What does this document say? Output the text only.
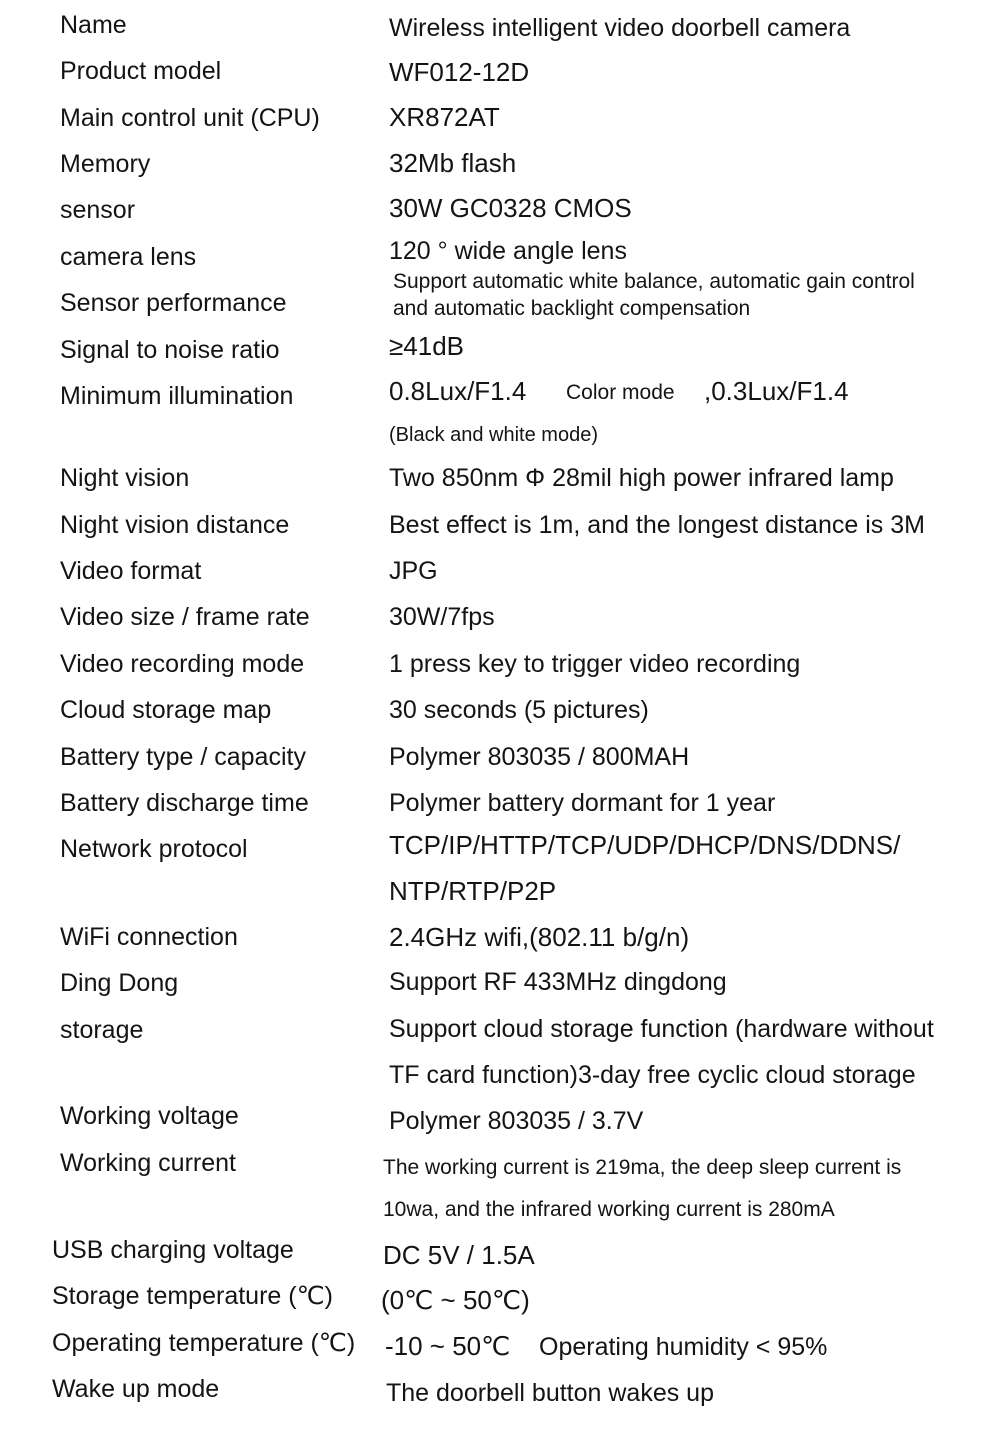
Name	Wireless intelligent video doorbell camera
Product model	WF012-12D
Main control unit (CPU)	XR872AT
Memory	32Mb flash
sensor	30W GC0328 CMOS
camera lens	120 ° wide angle lens
Sensor performance
Support automatic white balance, automatic gain control
and automatic backlight compensation
Signal to noise ratio	≥41dB
Minimum illumination	0.8Lux/F1.4 Color mode ,0.3Lux/F1.4
(Black and white mode)
Night vision	Two 850nm Φ 28mil high power infrared lamp
Night vision distance	Best effect is 1m, and the longest distance is 3M
Video format	JPG
Video size / frame rate	30W/7fps
Video recording mode	1 press key to trigger video recording
Cloud storage map	30 seconds (5 pictures)
Battery type / capacity	Polymer 803035 / 800MAH
Battery discharge time	Polymer battery dormant for 1 year
Network protocol	TCP/IP/HTTP/TCP/UDP/DHCP/DNS/DDNS/
NTP/RTP/P2P
WiFi connection	2.4GHz wifi,(802.11 b/g/n)
Ding Dong	Support RF 433MHz dingdong
storage	Support cloud storage function (hardware without
TF card function)3-day free cyclic cloud storage
Working voltage	Polymer 803035 / 3.7V
Working current	The working current is 219ma, the deep sleep current is
10wa, and the infrared working current is 280mA
USB charging voltage	DC 5V / 1.5A
Storage temperature (℃) (0℃ ~ 50℃)
Operating temperature (℃) -10 ~ 50℃ Operating humidity < 95%
Wake up mode	The doorbell button wakes up
